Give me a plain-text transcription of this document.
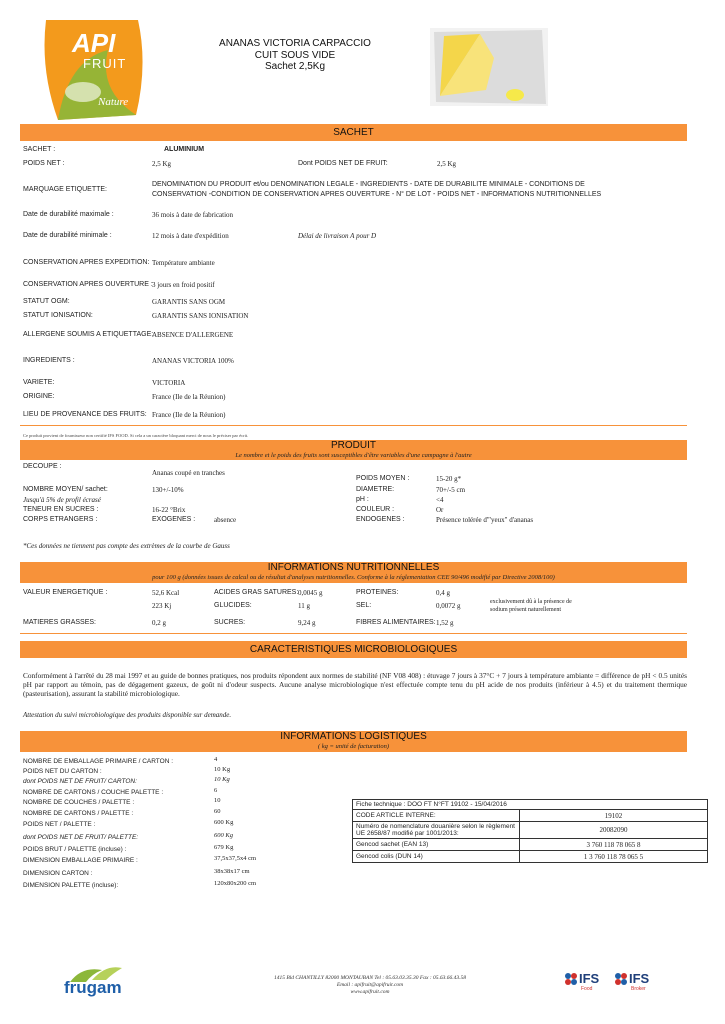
API
FRUIT
Nature
ANANAS VICTORIA CARPACCIO
CUIT SOUS VIDE
Sachet 2,5Kg
SACHET
SACHET :	ALUMINIUM
POIDS NET :	2,5 Kg	Dont POIDS NET DE FRUIT:	2,5 Kg
MARQUAGE ETIQUETTE:
DENOMINATION DU PRODUIT et/ou DENOMINATION LEGALE - INGREDIENTS - DATE DE DURABILITE MINIMALE - CONDITIONS DE
CONSERVATION -CONDITION DE CONSERVATION APRES OUVERTURE - N° DE LOT - POIDS NET - INFORMATIONS NUTRITIONNELLES
Date de durabilité maximale :	36 mois à date de fabrication
Date de durabilité minimale :	12 mois à date d'expédition	Délai de livraison A pour D
CONSERVATION APRES EXPEDITION: Température ambiante
CONSERVATION APRES OUVERTURE : 3 jours en froid positif
STATUT OGM:	GARANTIS SANS OGM
STATUT IONISATION:	GARANTIS SANS IONISATION
ALLERGENE SOUMIS A ETIQUETTAGE:
ABSENCE D'ALLERGENE
INGREDIENTS :	ANANAS VICTORIA 100%
VARIETE:	VICTORIA
ORIGINE:	France (Ile de la Réunion)
LIEU DE PROVENANCE DES FRUITS: France (Ile de la Réunion)
Ce produit provient de fournisseur non certifié IFS FOOD. Si cela a un caractère bloquant merci de nous le préciser par écrit.
PRODUIT
Le nombre et le poids des fruits sont susceptibles d'être variables d'une campagne à l'autre
DECOUPE :
Ananas coupé en tranches
POIDS MOYEN :	15-20 g*
NOMBRE MOYEN/ sachet:	130+/-10%	DIAMETRE:	70+/-5 cm
Jusqu'à 5% de profil écrasé	pH :	<4
TENEUR EN SUCRES :	16-22 °Brix	COULEUR :	Or
CORPS ETRANGERS :	EXOGENES :	absence	ENDOGENES :	Présence tolérée d'"yeux" d'ananas
*Ces données ne tiennent pas compte des extrèmes de la courbe de Gauss
INFORMATIONS NUTRITIONNELLES
pour 100 g (données issues de calcul ou de résultat d'analyses nutritionnelles. Conforme à la réglementation CEE 90/496 modifié par Directive 2008/100)
VALEUR ENERGETIQUE :	52,6 Kcal
223 Kj
ACIDES GRAS SATURES: 0,0045 g
GLUCIDES:	11 g
PROTEINES:	0,4 g
SEL:	0,0072 g	exclusivement dû à la présence de
sodium présent naturellement
MATIERES GRASSES:	0,2 g	SUCRES:	9,24 g	FIBRES ALIMENTAIRES: 1,52 g
CARACTERISTIQUES MICROBIOLOGIQUES
Conformément à l'arrêté du 28 mai 1997 et au guide de bonnes pratiques, nos produits répondent aux normes de stabilité (NF V08 408) : étuvage 7 jours à 37°C + 7 jours à température ambiante = différence de pH < 0.5 unités pH par rapport au témoin, pas de dégagement gazeux, de goût ni d'odeur suspects. Aucune analyse microbiologique n'est effectuée compte tenu du pH acide de nos produits (inférieur à 4.5) et du traitement thermique (pasteurisation), assurant la stabilité microbiologique.
Attestation du suivi microbiologique des produits disponible sur demande.
INFORMATIONS LOGISTIQUES
( kg = unité de facturation)
NOMBRE DE EMBALLAGE PRIMAIRE / CARTON :	4
POIDS NET DU CARTON :	10 Kg
dont POIDS NET DE FRUIT/ CARTON:	10 Kg
NOMBRE DE CARTONS / COUCHE PALETTE :	6
NOMBRE DE COUCHES / PALETTE :	10
NOMBRE DE CARTONS / PALETTE :	60
POIDS NET / PALETTE :	600 Kg
dont POIDS NET DE FRUIT/ PALETTE:	600 Kg
POIDS BRUT / PALETTE (incluse) :	679 Kg
DIMENSION EMBALLAGE PRIMAIRE :	37,5x37,5x4 cm
DIMENSION CARTON :	38x38x17 cm
DIMENSION PALETTE (incluse):	120x80x200 cm
Fiche technique : DOO FT N°FT 19102 - 15/04/2016
CODE ARTICLE INTERNE:	19102
Numéro de nomenclature douanière selon le règlement UE 2658/87 modifié par 1001/2013:	20082090
Gencod sachet (EAN 13)	3 760 118 78 065 8
Gencod colis (DUN 14)	1 3 760 118 78 065 5
frugam	1415 Bld CHANTILLY 82000 MONTAUBAN Tel : 05.63.03.35.30 Fax : 05.63.66.43.58
Email : apifruit@apifruit.com
www.apifruit.com
IFS
Food
IFS
Broker
